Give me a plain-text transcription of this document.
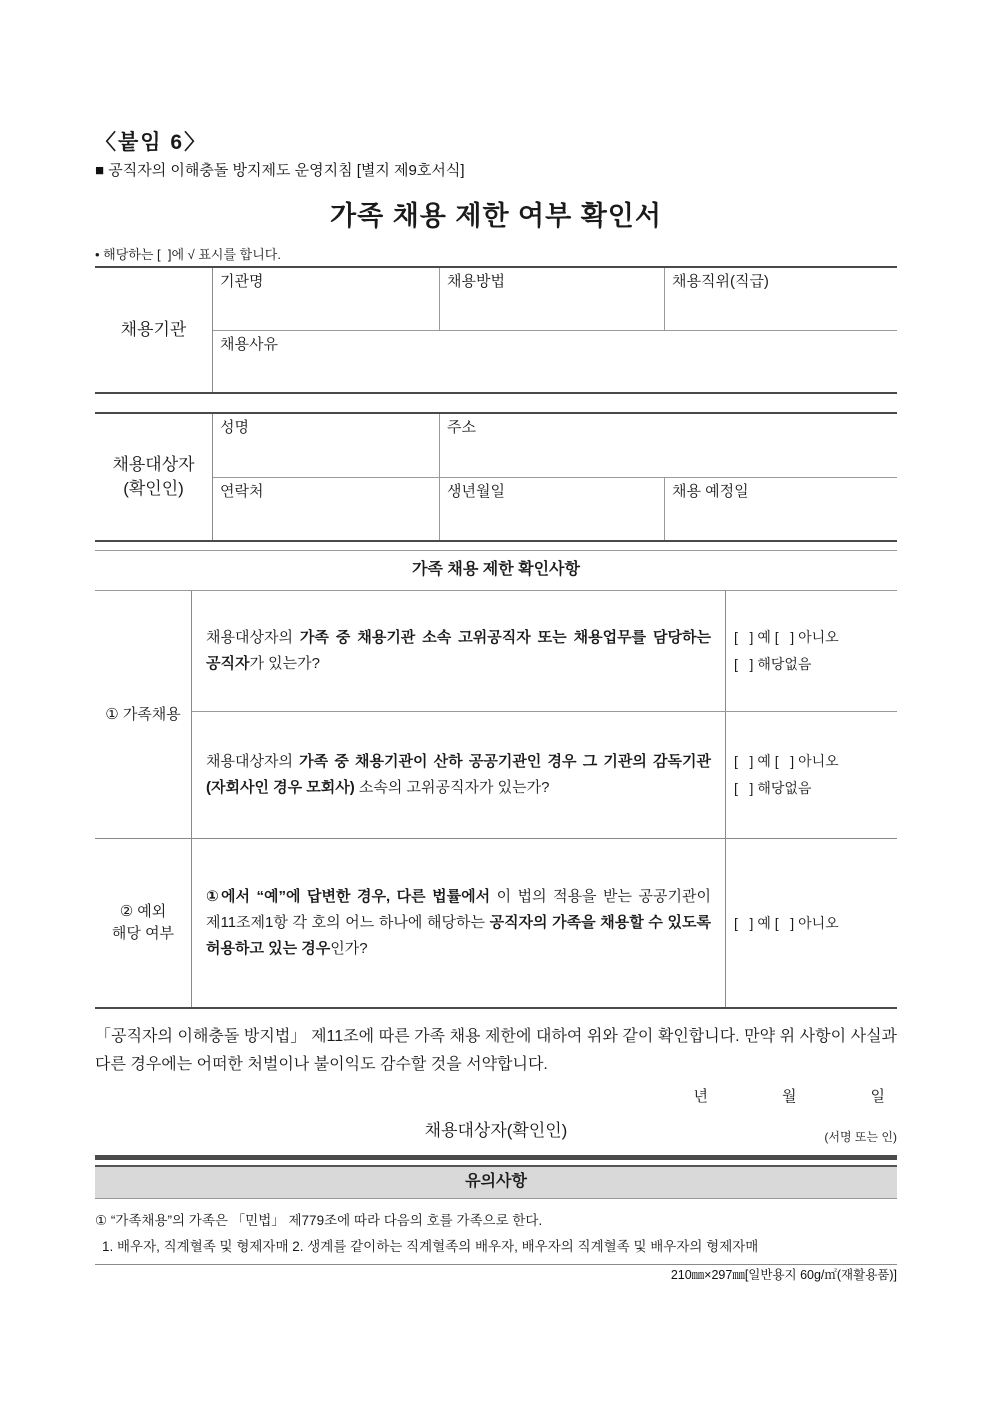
〈붙임 6〉
■ 공직자의 이해충돌 방지제도 운영지침 [별지 제9호서식]
가족 채용 제한 여부 확인서
• 해당하는 [  ]에 √ 표시를 합니다.
채용기관
기관명	채용방법	채용직위(직급)
채용사유
채용대상자
(확인인)
성명	주소
연락처	생년월일	채용 예정일
가족 채용 제한 확인사항
① 가족채용

채용대상자의 가족 중 채용기관 소속 고위공직자 또는 채용업무를 담당하는 공직자가 있는가?

[   ] 예 [   ] 아니오
[   ] 해당없음

채용대상자의 가족 중 채용기관이 산하 공공기관인 경우 그 기관의 감독기관(자회사인 경우 모회사) 소속의 고위공직자가 있는가?

[   ] 예 [   ] 아니오
[   ] 해당없음
② 예외
해당 여부

①에서 “예”에 답변한 경우, 다른 법률에서 이 법의 적용을 받는 공공기관이 제11조제1항 각 호의 어느 하나에 해당하는 공직자의 가족을 채용할 수 있도록 허용하고 있는 경우인가?

[   ] 예 [   ] 아니오

「공직자의 이해충돌 방지법」 제11조에 따른 가족 채용 제한에 대하여 위와 같이 확인합니다. 만약 위 사항이 사실과 다른 경우에는 어떠한 처벌이나 불이익도 감수할 것을 서약합니다.

년	월	일
채용대상자(확인인)	(서명 또는 인)
유의사항
① “가족채용”의 가족은 「민법」 제779조에 따라 다음의 호를 가족으로 한다.
1. 배우자, 직계혈족 및 형제자매 2. 생계를 같이하는 직계혈족의 배우자, 배우자의 직계혈족 및 배우자의 형제자매
210㎜×297㎜[일반용지 60g/㎡(재활용품)]
